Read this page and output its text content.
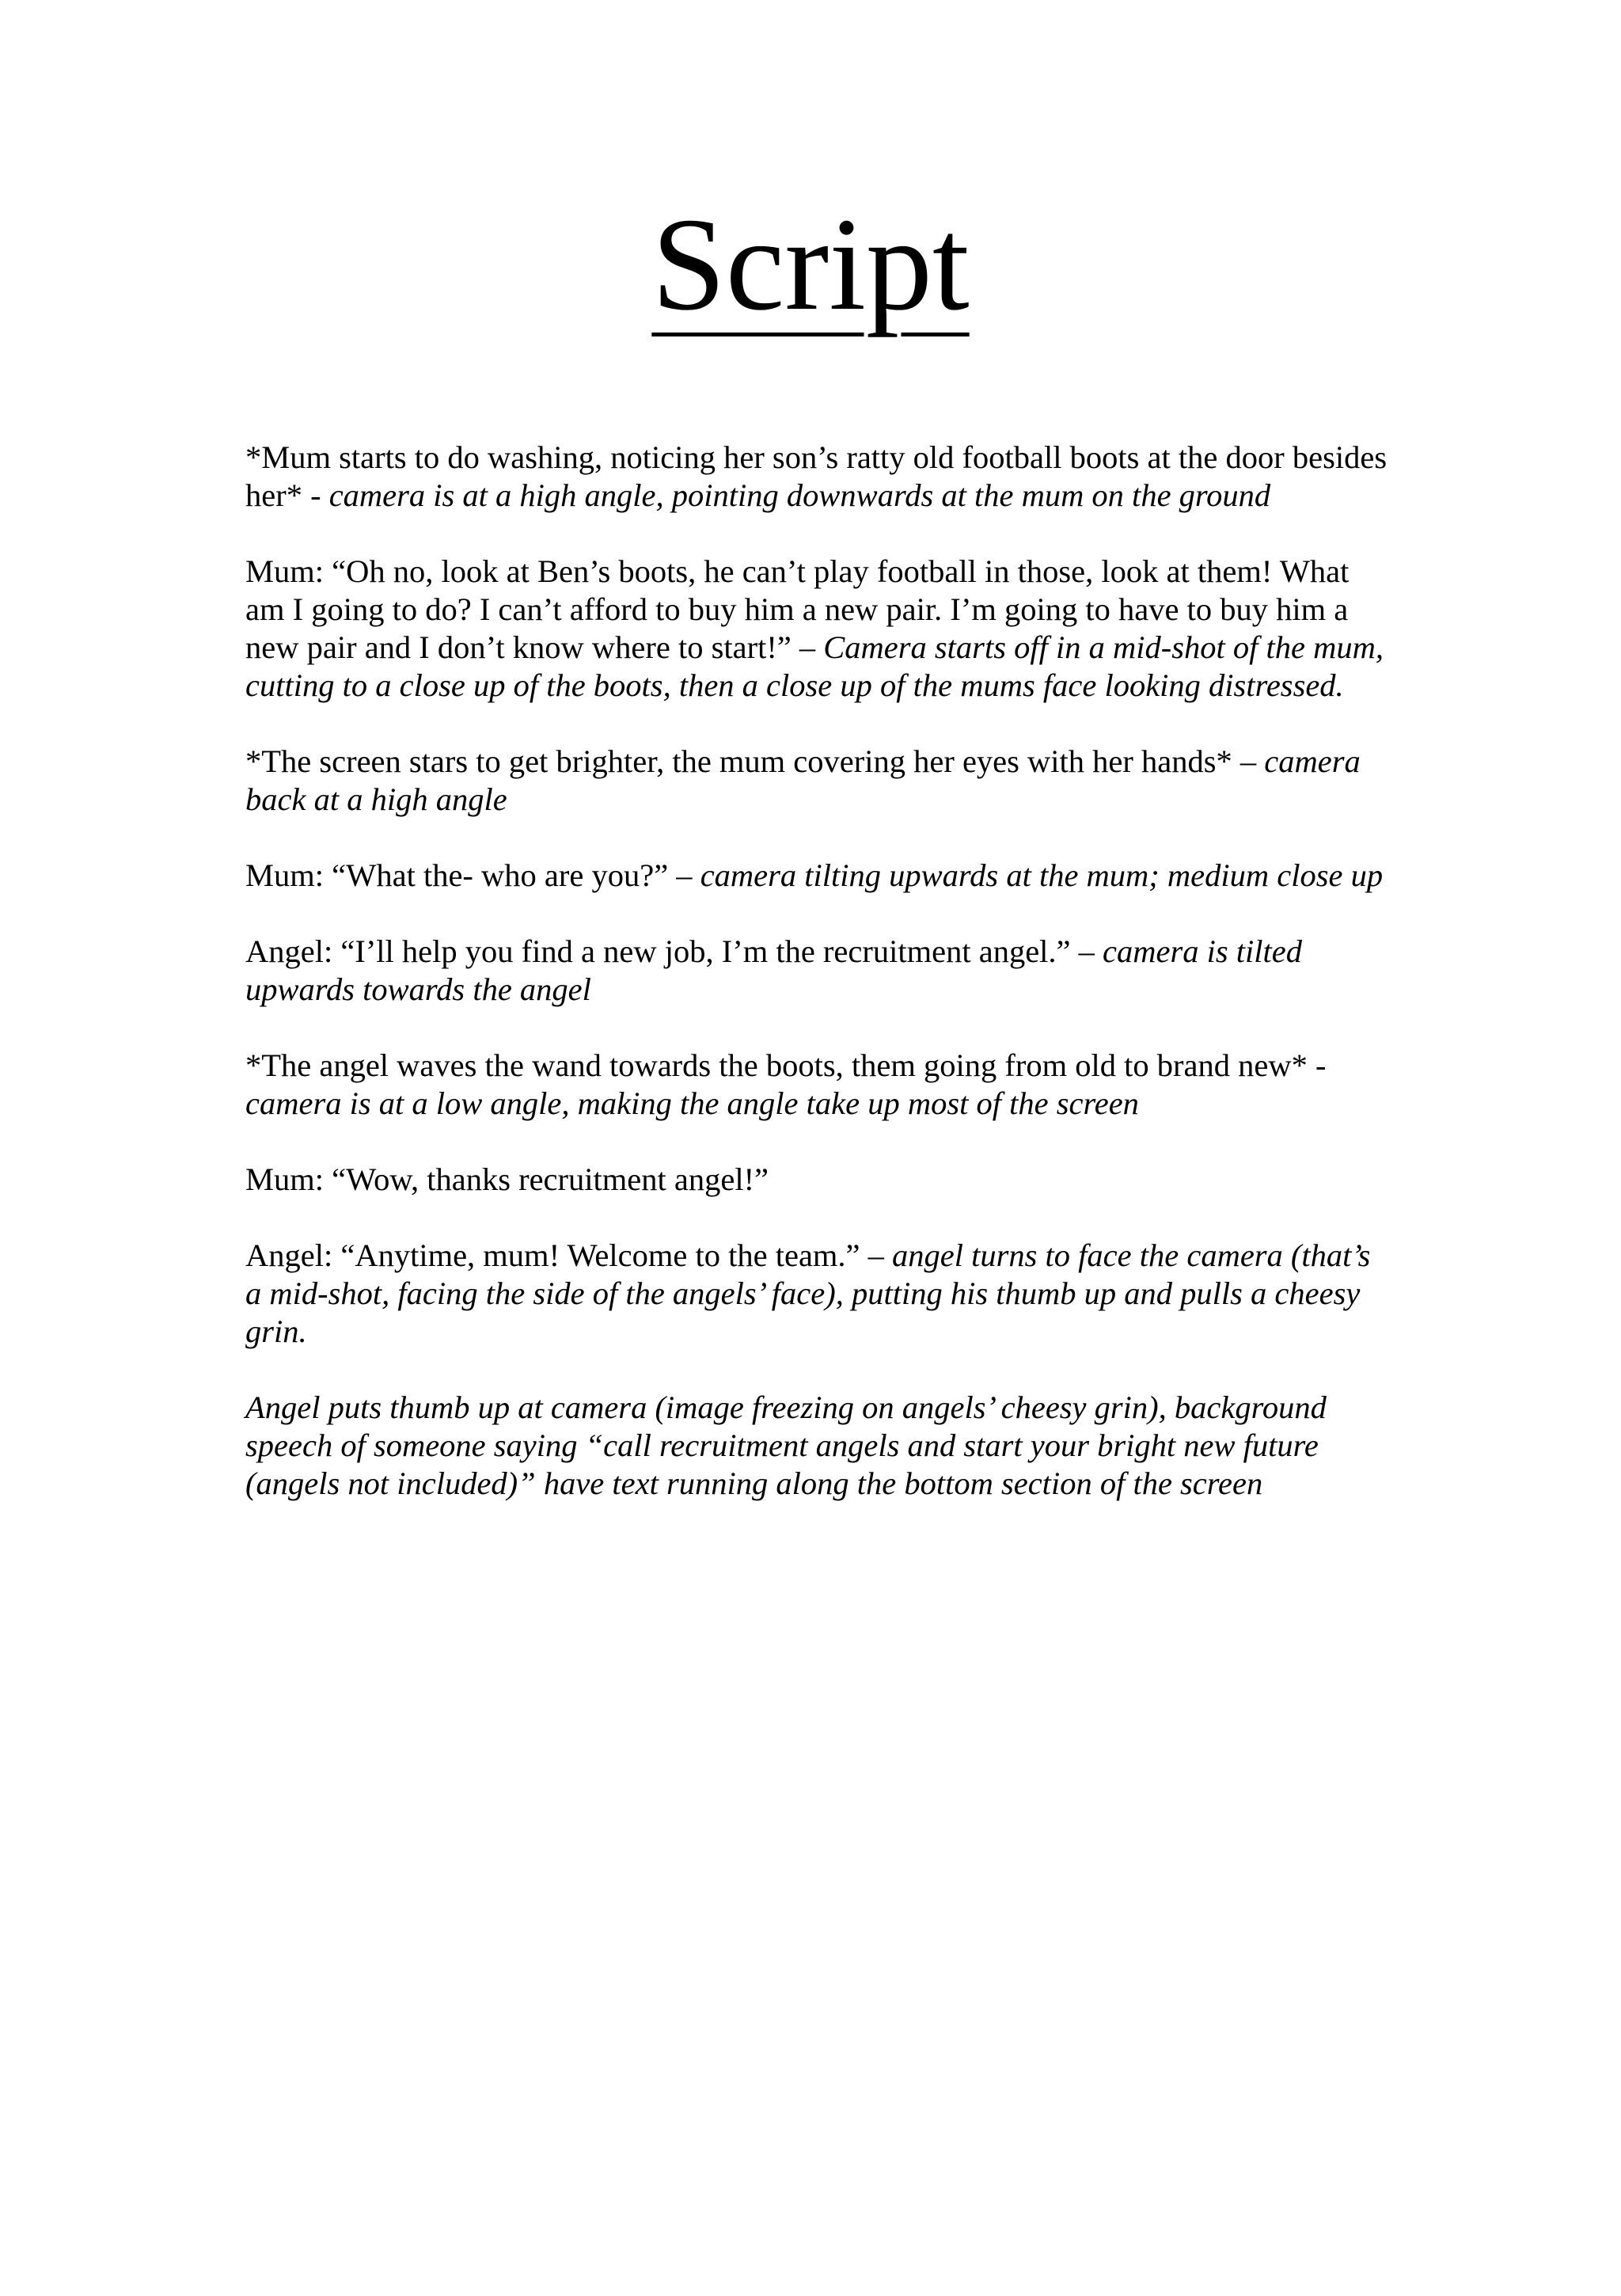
Script

*Mum starts to do washing, noticing her son’s ratty old football boots at the door besides her* - camera is at a high angle, pointing downwards at the mum on the ground

Mum: “Oh no, look at Ben’s boots, he can’t play football in those, look at them! What am I going to do? I can’t afford to buy him a new pair. I’m going to have to buy him a new pair and I don’t know where to start!” – Camera starts off in a mid-shot of the mum, cutting to a close up of the boots, then a close up of the mums face looking distressed.

*The screen stars to get brighter, the mum covering her eyes with her hands* – camera back at a high angle

Mum: “What the- who are you?” – camera tilting upwards at the mum; medium close up

Angel: “I’ll help you find a new job, I’m the recruitment angel.” – camera is tilted upwards towards the angel

*The angel waves the wand towards the boots, them going from old to brand new* - camera is at a low angle, making the angle take up most of the screen

Mum: “Wow, thanks recruitment angel!”

Angel: “Anytime, mum! Welcome to the team.” – angel turns to face the camera (that’s a mid-shot, facing the side of the angels’ face), putting his thumb up and pulls a cheesy grin.

Angel puts thumb up at camera (image freezing on angels’ cheesy grin), background speech of someone saying “call recruitment angels and start your bright new future (angels not included)” have text running along the bottom section of the screen
